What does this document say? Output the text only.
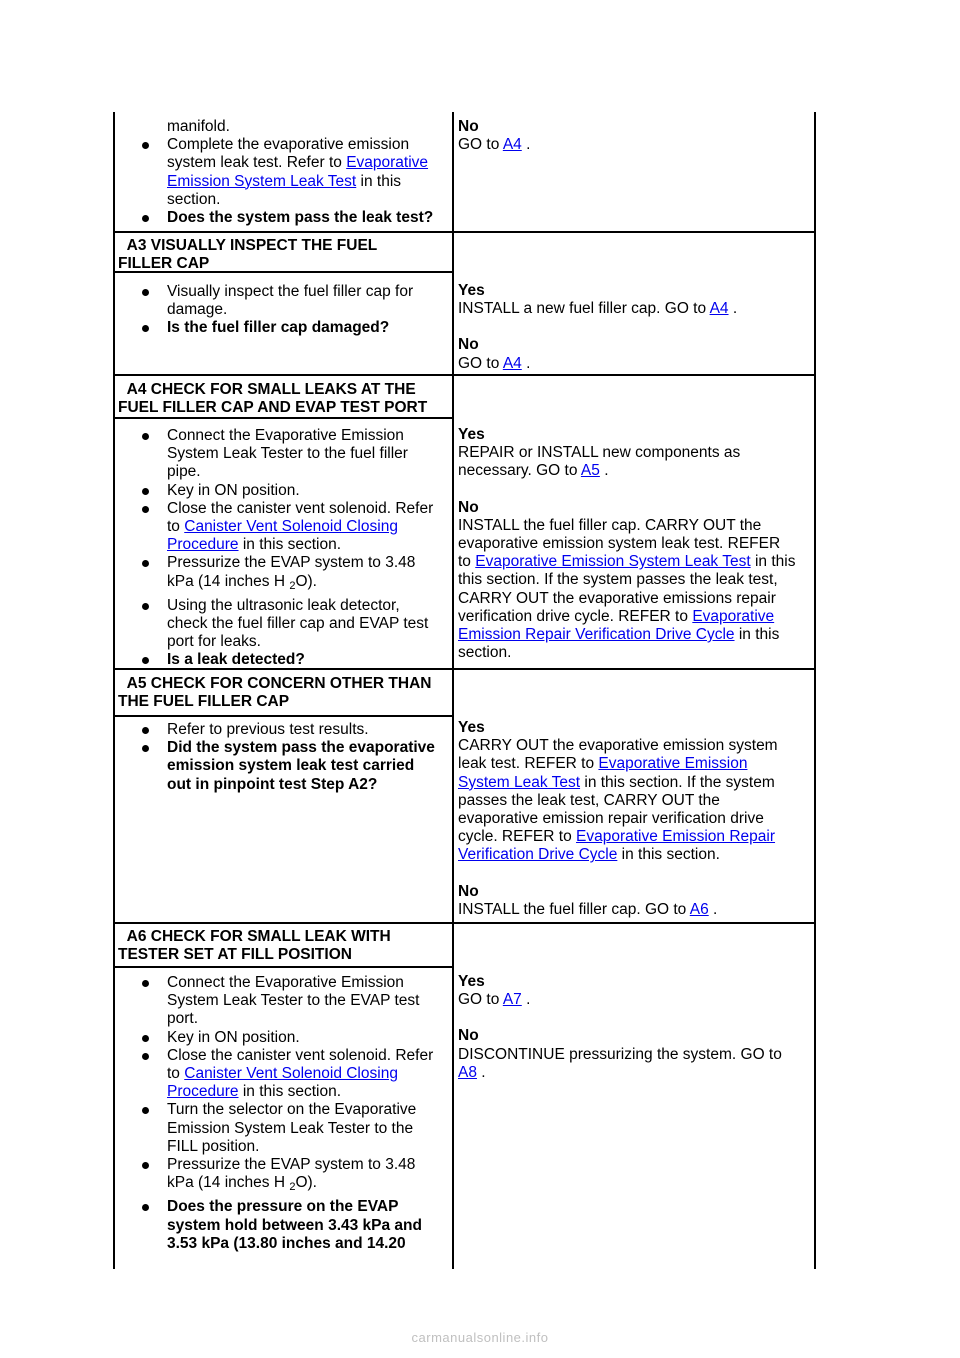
manifold.
Complete the evaporative emission
system leak test. Refer to Evaporative
Emission System Leak Test in this
section.
Does the system pass the leak test?
No
GO to A4 .
A3 VISUALLY INSPECT THE FUEL
FILLER CAP
Visually inspect the fuel filler cap for
damage.
Is the fuel filler cap damaged?
Yes
INSTALL a new fuel filler cap. GO to A4 .
No
GO to A4 .
A4 CHECK FOR SMALL LEAKS AT THE
FUEL FILLER CAP AND EVAP TEST PORT
Connect the Evaporative Emission
System Leak Tester to the fuel filler
pipe.
Key in ON position.
Close the canister vent solenoid. Refer
to Canister Vent Solenoid Closing
Procedure in this section.
Pressurize the EVAP system to 3.48
kPa (14 inches H $_2$O).
Using the ultrasonic leak detector,
check the fuel filler cap and EVAP test
port for leaks.
Is a leak detected?
Yes
REPAIR or INSTALL new components as
necessary. GO to A5 .
No
INSTALL the fuel filler cap. CARRY OUT the
evaporative emission system leak test. REFER
to Evaporative Emission System Leak Test in this
this section. If the system passes the leak test,
CARRY OUT the evaporative emissions repair
verification drive cycle. REFER to Evaporative
Emission Repair Verification Drive Cycle in this
section.
A5 CHECK FOR CONCERN OTHER THAN
THE FUEL FILLER CAP
Refer to previous test results.
Did the system pass the evaporative
emission system leak test carried
out in pinpoint test Step A2?
Yes
CARRY OUT the evaporative emission system
leak test. REFER to Evaporative Emission
System Leak Test in this section. If the system
passes the leak test, CARRY OUT the
evaporative emission repair verification drive
cycle. REFER to Evaporative Emission Repair
Verification Drive Cycle in this section.
No
INSTALL the fuel filler cap. GO to A6 .
A6 CHECK FOR SMALL LEAK WITH
TESTER SET AT FILL POSITION
Connect the Evaporative Emission
System Leak Tester to the EVAP test
port.
Key in ON position.
Close the canister vent solenoid. Refer
to Canister Vent Solenoid Closing
Procedure in this section.
Turn the selector on the Evaporative
Emission System Leak Tester to the
FILL position.
Pressurize the EVAP system to 3.48
kPa (14 inches H $_2$O).
Does the pressure on the EVAP
system hold between 3.43 kPa and
3.53 kPa (13.80 inches and 14.20
Yes
GO to A7 .
No
DISCONTINUE pressurizing the system. GO to
A8 .
carmanualsonline.info
